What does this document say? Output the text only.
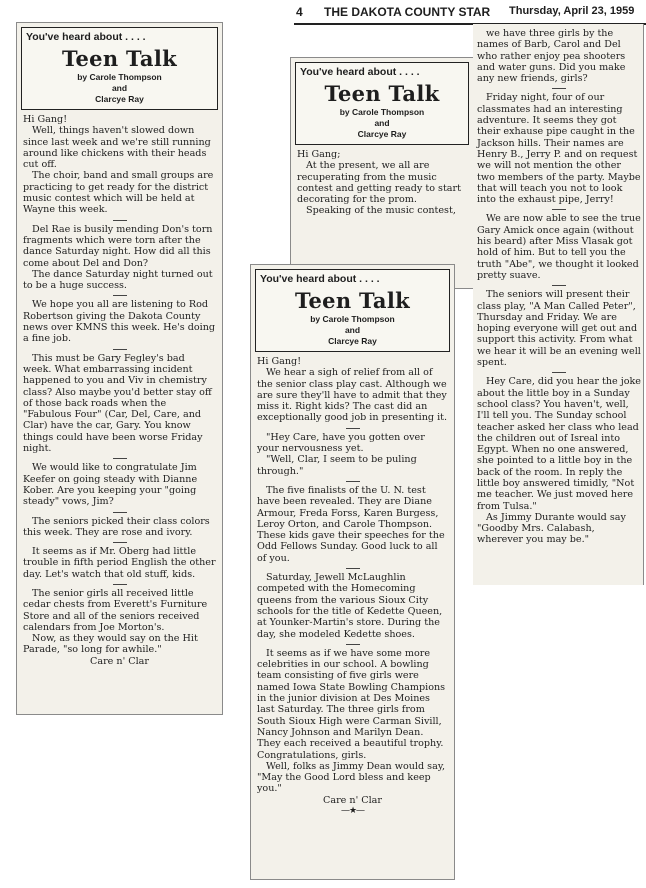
You've heard about . . . .
Teen Talk
by Carole Thompson
and
Clarcye Ray

Hi Gang!

Well, things haven't slowed down since last week and we're still running around like chickens with their heads cut off.

The choir, band and small groups are practicing to get ready for the district music contest which will be held at Wayne this week.

Del Rae is busily mending Don's torn fragments which were torn after the dance Saturday night. How did all this come about Del and Don?

The dance Saturday night turned out to be a huge success.

We hope you all are listening to Rod Robertson giving the Dakota County news over KMNS this week. He's doing a fine job.

This must be Gary Fegley's bad week. What embarrassing incident happened to you and Viv in chemistry class? Also maybe you'd better stay off of those back roads when the "Fabulous Four" (Car, Del, Care, and Clar) have the car, Gary. You know things could have been worse Friday night.

We would like to congratulate Jim Keefer on going steady with Dianne Kober. Are you keeping your "going steady" vows, Jim?

The seniors picked their class colors this week. They are rose and ivory.

It seems as if Mr. Oberg had little trouble in fifth period English the other day. Let's watch that old stuff, kids.

The senior girls all received little cedar chests from Everett's Furniture Store and all of the seniors received calendars from Joe Morton's.

Now, as they would say on the Hit Parade, "so long for awhile."

Care n' Clar
4 THE DAKOTA COUNTY STAR Thursday, April 23, 1959
You've heard about . . . .
Teen Talk
by Carole Thompson
and
Clarcye Ray

Hi Gang;

At the present, we all are recuperating from the music contest and getting ready to start decorating for the prom.

Speaking of the music contest,

we have three girls by the names of Barb, Carol and Del who rather enjoy pea shooters and water guns. Did you make any new friends, girls?

Friday night, four of our classmates had an interesting adventure. It seems they got their exhause pipe caught in the Jackson hills. Their names are Henry B., Jerry P. and on request we will not mention the other two members of the party. Maybe that will teach you not to look into the exhaust pipe, Jerry!

We are now able to see the true Gary Amick once again (without his beard) after Miss Vlasak got hold of him. But to tell you the truth "Abe", we thought it looked pretty suave.

The seniors will present their class play, "A Man Called Peter", Thursday and Friday. We are hoping everyone will get out and support this activity. From what we hear it will be an evening well spent.

Hey Care, did you hear the joke about the little boy in a Sunday school class? You haven't, well, I'll tell you. The Sunday school teacher asked her class who lead the children out of Isreal into Egypt. When no one answered, she pointed to a little boy in the back of the room. In reply the little boy answered timidly, "Not me teacher. We just moved here from Tulsa."

As Jimmy Durante would say "Goodby Mrs. Calabash, wherever you may be."

You've heard about . . . .
Teen Talk
by Carole Thompson
and
Clarcye Ray

Hi Gang!

We hear a sigh of relief from all of the senior class play cast. Although we are sure they'll have to admit that they miss it. Right kids? The cast did an exceptionally good job in presenting it.

"Hey Care, have you gotten over your nervousness yet.

"Well, Clar, I seem to be puling through."

The five finalists of the U. N. test have been revealed. They are Diane Armour, Freda Forss, Karen Burgess, Leroy Orton, and Carole Thompson. These kids gave their speeches for the Odd Fellows Sunday. Good luck to all of you.

Saturday, Jewell McLaughlin competed with the Homecoming queens from the various Sioux City schools for the title of Kedette Queen, at Younker-Martin's store. During the day, she modeled Kedette shoes.

It seems as if we have some more celebrities in our school. A bowling team consisting of five girls were named Iowa State Bowling Champions in the junior division at Des Moines last Saturday. The three girls from South Sioux High were Carman Sivill, Nancy Johnson and Marilyn Dean. They each received a beautiful trophy. Congratulations, girls.

Well, folks as Jimmy Dean would say, "May the Good Lord bless and keep you."

Care n' Clar
—★—
